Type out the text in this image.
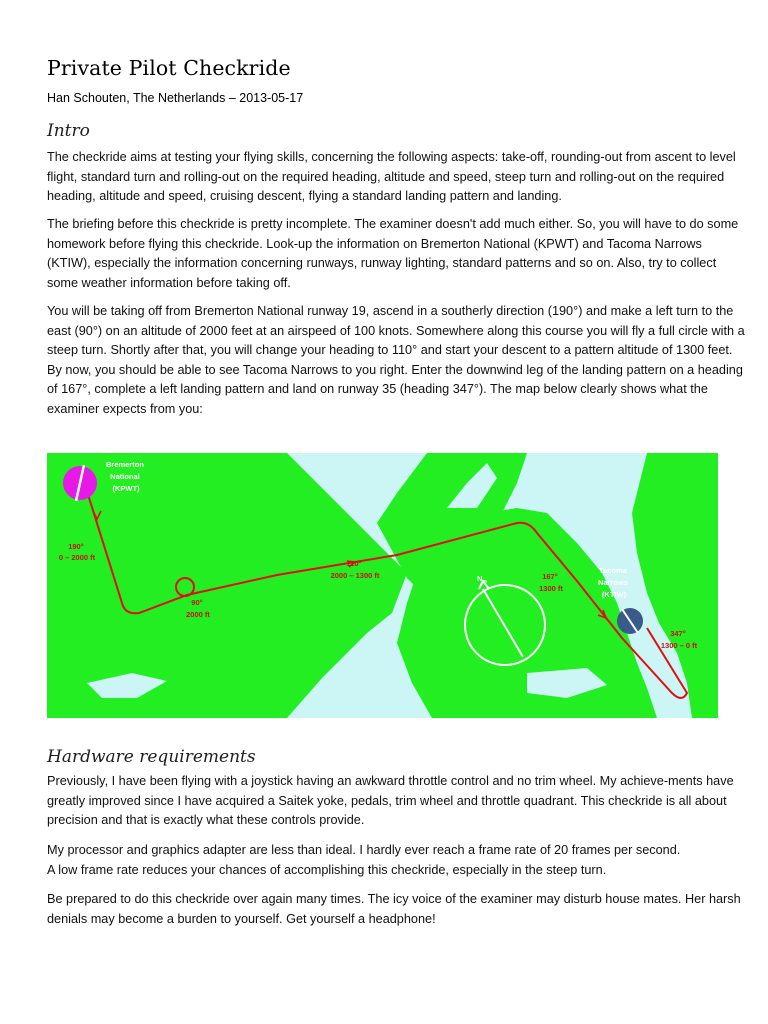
Private Pilot Checkride

Han Schouten, The Netherlands – 2013-05-17

Intro

The checkride aims at testing your flying skills, concerning the following aspects: take-off, rounding-out from ascent to level flight, standard turn and rolling-out on the required heading, altitude and speed, steep turn and rolling-out on the required heading, altitude and speed, cruising descent, flying a standard landing pattern and landing.

The briefing before this checkride is pretty incomplete. The examiner doesn't add much either. So, you will have to do some homework before flying this checkride. Look-up the information on Bremerton National (KPWT) and Tacoma Narrows (KTIW), especially the information concerning runways, runway lighting, standard patterns and so on. Also, try to collect some weather information before taking off.

You will be taking off from Bremerton National runway 19, ascend in a southerly direction (190°) and make a left turn to the east (90°) on an altitude of 2000 feet at an airspeed of 100 knots. Somewhere along this course you will fly a full circle with a steep turn. Shortly after that, you will change your heading to 110° and start your descent to a pattern altitude of 1300 feet. By now, you should be able to see Tacoma Narrows to you right. Enter the downwind leg of the landing pattern on a heading of 167°, complete a left landing pattern and land on runway 35 (heading 347°). The map below clearly shows what the examiner expects from you:

$N_m$
Bremerton National (KPWT)
Tacoma Narrows (KTIW)
190° 0 – 2000 ft
90° 2000 ft
110° 2000 – 1300 ft	167° 1300 ft
347° 1300 – 0 ft
Hardware requirements

Previously, I have been flying with a joystick having an awkward throttle control and no trim wheel. My achieve-ments have greatly improved since I have acquired a Saitek yoke, pedals, trim wheel and throttle quadrant. This checkride is all about precision and that is exactly what these controls provide.

My processor and graphics adapter are less than ideal. I hardly ever reach a frame rate of 20 frames per second.
A low frame rate reduces your chances of accomplishing this checkride, especially in the steep turn.

Be prepared to do this checkride over again many times. The icy voice of the examiner may disturb house mates. Her harsh denials may become a burden to yourself. Get yourself a headphone!
